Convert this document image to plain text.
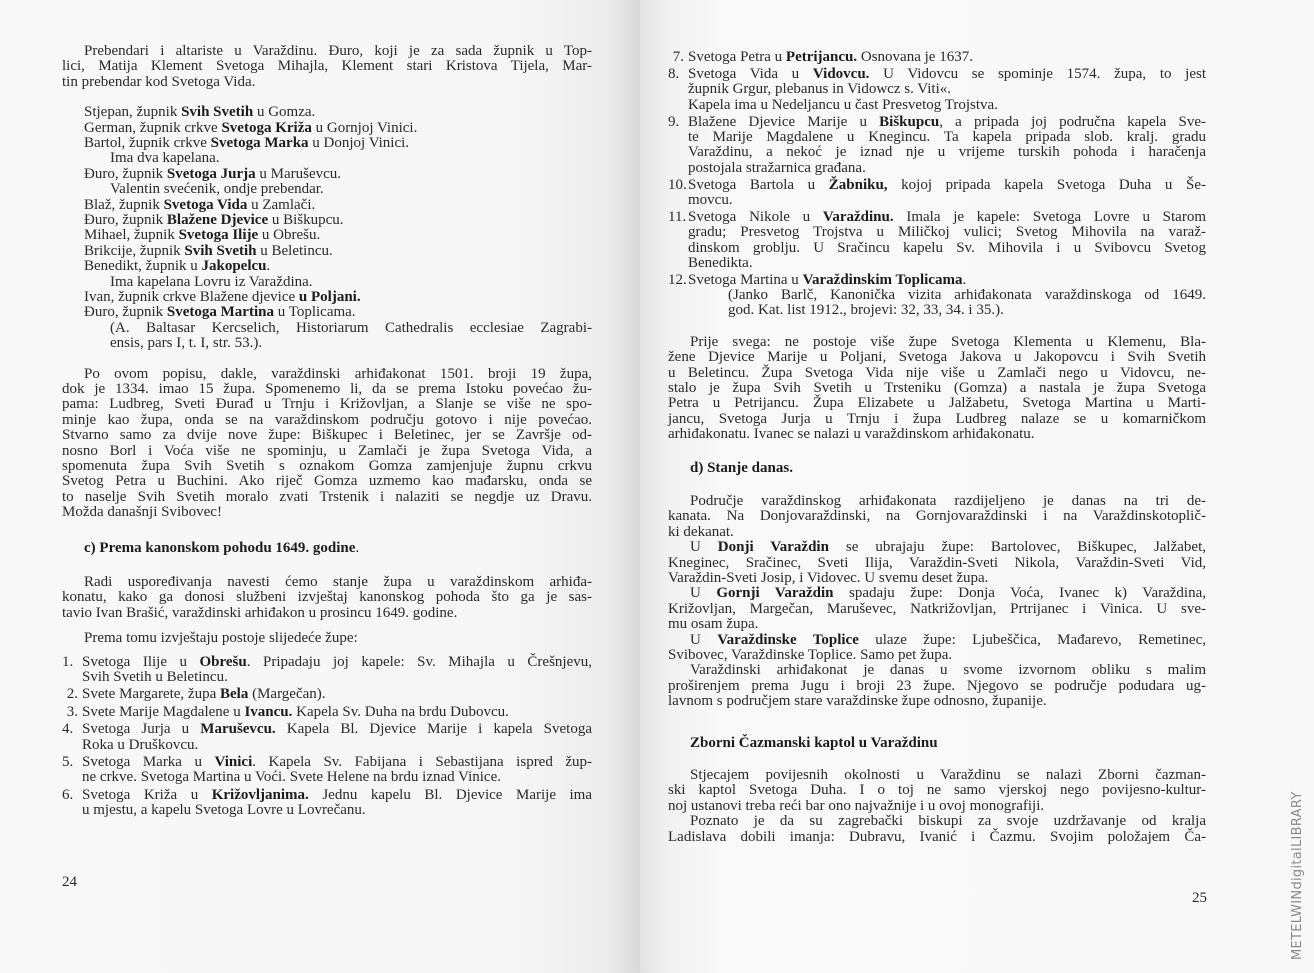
Prebendari i altariste u Varaždinu. Đuro, koji je za sada župnik u Top-
lici, Matija Klement Svetoga Mihajla, Klement stari Kristova Tijela, Mar-
tin prebendar kod Svetoga Vida.
Stjepan, župnik Svih Svetih u Gomza.
German, župnik crkve Svetoga Križa u Gornjoj Vinici.
Bartol, župnik crkve Svetoga Marka u Donjoj Vinici.
Ima dva kapelana.
Đuro, župnik Svetoga Jurja u Maruševcu.
Valentin svećenik, ondje prebendar.
Blaž, župnik Svetoga Vida u Zamlači.
Đuro, župnik Blažene Djevice u Biškupcu.
Mihael, župnik Svetoga Ilije u Obrešu.
Brikcije, župnik Svih Svetih u Beletincu.
Benedikt, župnik u Jakopelcu.
Ima kapelana Lovru iz Varaždina.
Ivan, župnik crkve Blažene djevice u Poljani.
Đuro, župnik Svetoga Martina u Toplicama.
(A. Baltasar Kercselich, Historiarum Cathedralis ecclesiae Zagrabi-
ensis, pars I, t. I, str. 53.).
Po ovom popisu, dakle, varaždinski arhiđakonat 1501. broji 19 župa,
dok je 1334. imao 15 župa. Spomenemo li, da se prema Istoku povećao žu-
pama: Ludbreg, Sveti Đurađ u Trnju i Križovljan, a Slanje se više ne spo-
minje kao župa, onda se na varaždinskom području gotovo i nije povećao.
Stvarno samo za dvije nove župe: Biškupec i Beletinec, jer se Završje od-
nosno Borl i Voća više ne spominju, u Zamlači je župa Svetoga Vida, a
spomenuta župa Svih Svetih s oznakom Gomza zamjenjuje župnu crkvu
Svetog Petra u Buchini. Ako riječ Gomza uzmemo kao mađarsku, onda se
to naselje Svih Svetih moralo zvati Trstenik i nalaziti se negdje uz Dravu.
Možda današnji Svibovec!
c) Prema kanonskom pohodu 1649. godine.
Radi uspoređivanja navesti ćemo stanje župa u varaždinskom arhiđa-
konatu, kako ga donosi službeni izvještaj kanonskog pohoda što ga je sas-
tavio Ivan Brašić, varaždinski arhiđakon u prosincu 1649. godine.
Prema tomu izvještaju postoje slijedeće župe:
1. Svetoga Ilije u Obrešu. Pripadaju joj kapele: Sv. Mihajla u Črešnjevu,
Svih Svetih u Beletincu.
2. Svete Margarete, župa Bela (Margečan).
3. Svete Marije Magdalene u Ivancu. Kapela Sv. Duha na brdu Dubovcu.
4. Svetoga Jurja u Maruševcu. Kapela Bl. Djevice Marije i kapela Svetoga
Roka u Druškovcu.
5. Svetoga Marka u Vinici. Kapela Sv. Fabijana i Sebastijana ispred žup-
ne crkve. Svetoga Martina u Voći. Svete Helene na brdu iznad Vinice.
6. Svetoga Križa u Križovljanima. Jednu kapelu Bl. Djevice Marije ima
u mjestu, a kapelu Svetoga Lovre u Lovrečanu.
24
7. Svetoga Petra u Petrijancu. Osnovana je 1637.
8. Svetoga Vida u Vidovcu. U Vidovcu se spominje 1574. župa, to jest
župnik Grgur, plebanus in Vidowcz s. Viti«.
Kapela ima u Nedeljancu u čast Presvetog Trojstva.
9. Blažene Djevice Marije u Biškupcu, a pripada joj područna kapela Sve-
te Marije Magdalene u Knegincu. Ta kapela pripada slob. kralj. gradu
Varaždinu, a nekoć je iznad nje u vrijeme turskih pohoda i haračenja
postojala stražarnica građana.
10.Svetoga Bartola u Žabniku, kojoj pripada kapela Svetoga Duha u Še-
movcu.
11. Svetoga Nikole u Varaždinu. Imala je kapele: Svetoga Lovre u Starom
gradu; Presvetog Trojstva u Miličkoj vulici; Svetog Mihovila na varaž-
dinskom groblju. U Sračincu kapelu Sv. Mihovila i u Svibovcu Svetog
Benedikta.
12.Svetoga Martina u Varaždinskim Toplicama.
(Janko Barlč, Kanonička vizita arhiđakonata varaždinskoga od 1649.
god. Kat. list 1912., brojevi: 32, 33, 34. i 35.).
Prije svega: ne postoje više župe Svetoga Klementa u Klemenu, Bla-
žene Djevice Marije u Poljani, Svetoga Jakova u Jakopovcu i Svih Svetih
u Beletincu. Župa Svetoga Vida nije više u Zamlači nego u Vidovcu, ne-
stalo je župa Svih Svetih u Trsteniku (Gomza) a nastala je župa Svetoga
Petra u Petrijancu. Župa Elizabete u Jalžabetu, Svetoga Martina u Marti-
jancu, Svetoga Jurja u Trnju i župa Ludbreg nalaze se u komarničkom
arhiđakonatu. Ivanec se nalazi u varaždinskom arhiđakonatu.
d) Stanje danas.
Područje varaždinskog arhiđakonata razdijeljeno je danas na tri de-
kanata. Na Donjovaraždinski, na Gornjovaraždinski i na Varaždinskotoplič-
ki dekanat.
U Donji Varaždin se ubrajaju župe: Bartolovec, Biškupec, Jalžabet,
Kneginec, Sračinec, Sveti Ilija, Varaždin-Sveti Nikola, Varaždin-Sveti Vid,
Varaždin-Sveti Josip, i Vidovec. U svemu deset župa.
U Gornji Varaždin spadaju župe: Donja Voća, Ivanec k) Varaždina,
Križovljan, Margečan, Maruševec, Natkrižovljan, Prtrijanec i Vinica. U sve-
mu osam župa.
U Varaždinske Toplice ulaze župe: Ljubeščica, Mađarevo, Remetinec,
Svibovec, Varaždinske Toplice. Samo pet župa.
Varaždinski arhiđakonat je danas u svome izvornom obliku s malim
proširenjem prema Jugu i broji 23 župe. Njegovo se područje podudara ug-
lavnom s područjem stare varaždinske župe odnosno, županije.
Zborni Čazmanski kaptol u Varaždinu
Stjecajem povijesnih okolnosti u Varaždinu se nalazi Zborni čazman-
ski kaptol Svetoga Duha. I o toj ne samo vjerskoj nego povijesno-kultur-
noj ustanovi treba reći bar ono najvažnije i u ovoj monografiji.
Poznato je da su zagrebački biskupi za svoje uzdržavanje od kralja
Ladislava dobili imanja: Dubravu, Ivanić i Čazmu. Svojim položajem Ča-
25	METELWINdigitalLIBRARY
